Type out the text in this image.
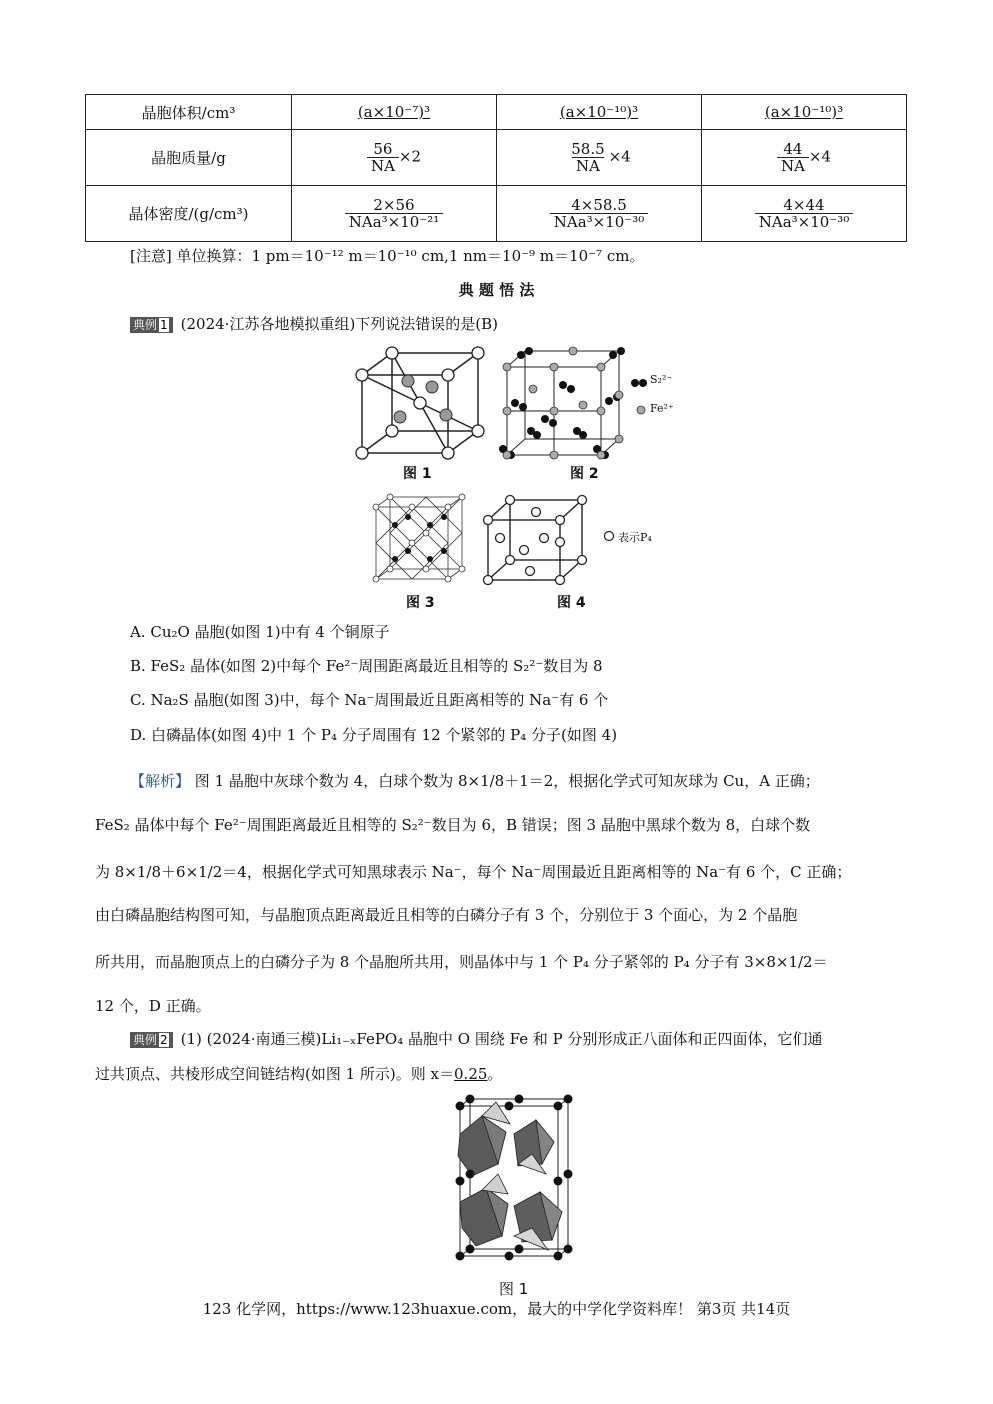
晶胞体积/cm³	(a×10⁻⁷)³	(a×10⁻¹⁰)³	(a×10⁻¹⁰)³
晶胞质量/g	$\frac{56}{NA} \times 2$	$\frac{58.5}{NA} \times 4$	$\frac{44}{NA} \times 4$
晶体密度/(g/cm³)	$\frac{2\times 56}{\text{NAa³×10⁻²¹}}$	$\frac{4\times 58.5}{\text{NAa³×10⁻³⁰}}$	$\frac{4\times 44}{\text{NAa³×10⁻³⁰}}$
[注意] 单位换算：1 pm＝10⁻¹² m＝10⁻¹⁰ cm,1 nm＝10⁻⁹ m＝10⁻⁷ cm。
典 题 悟 法
典例 1 (2024·江苏各地模拟重组)下列说法错误的是(B)
图 1
S₂²⁻
Fe²⁺
图 2
图 3
表示P₄
图 4
A. Cu₂O 晶胞(如图 1)中有 4 个铜原子
B. FeS₂ 晶体(如图 2)中每个 Fe²⁻周围距离最近且相等的 S₂²⁻数目为 8
C. Na₂S 晶胞(如图 3)中，每个 Na⁻周围最近且距离相等的 Na⁻有 6 个
D. 白磷晶体(如图 4)中 1 个 P₄ 分子周围有 12 个紧邻的 P₄ 分子(如图 4)
【解析】 图 1 晶胞中灰球个数为 4，白球个数为 8×1/8＋1＝2，根据化学式可知灰球为 Cu，A 正确；
FeS₂ 晶体中每个 Fe²⁻周围距离最近且相等的 S₂²⁻数目为 6，B 错误；图 3 晶胞中黑球个数为 8，白球个数
为 8×1/8＋6×1/2＝4，根据化学式可知黑球表示 Na⁻，每个 Na⁻周围最近且距离相等的 Na⁻有 6 个，C 正确；
由白磷晶胞结构图可知，与晶胞顶点距离最近且相等的白磷分子有 3 个，分别位于 3 个面心，为 2 个晶胞
所共用，而晶胞顶点上的白磷分子为 8 个晶胞所共用，则晶体中与 1 个 P₄ 分子紧邻的 P₄ 分子有 3×8×1/2＝
12 个，D 正确。
典例 2 (1) (2024·南通三模)Li₁₋ₓFePO₄ 晶胞中 O 围绕 Fe 和 P 分别形成正八面体和正四面体，它们通
过共顶点、共棱形成空间链结构(如图 1 所示)。则 x＝0.25。
图 1
123 化学网，https://www.123huaxue.com，最大的中学化学资料库！ 第3页 共14页
